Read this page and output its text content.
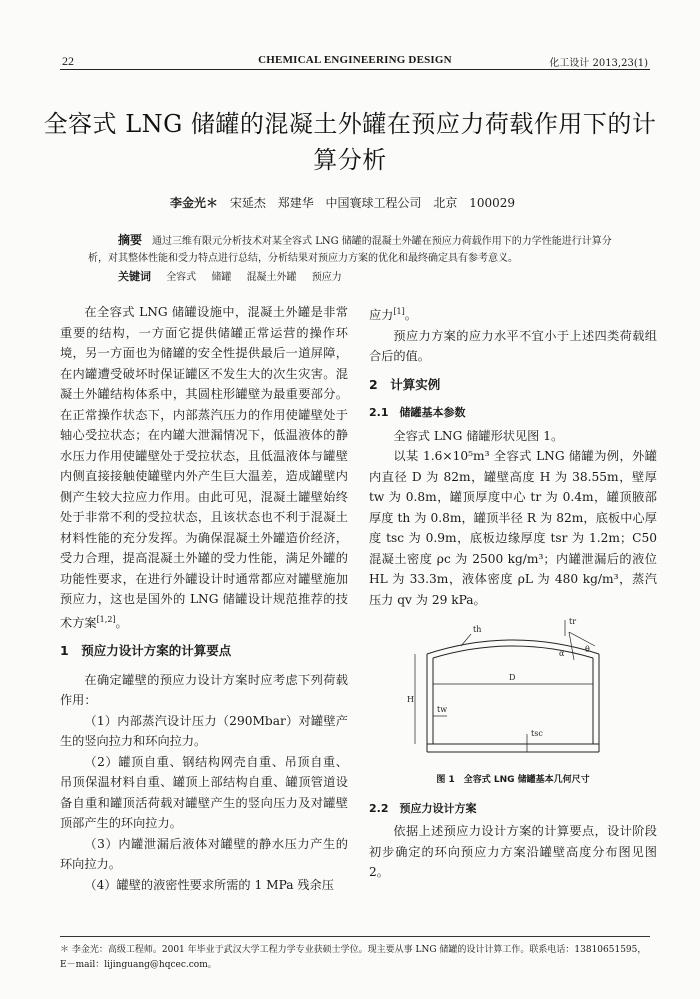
22	CHEMICAL ENGINEERING DESIGN	化工设计 2013,23(1)
全容式 LNG 储罐的混凝土外罐在预应力荷载作用下的计算分析
李金光＊ 宋延杰 郑建华 中国寰球工程公司 北京 100029
摘要 通过三维有限元分析技术对某全容式 LNG 储罐的混凝土外罐在预应力荷载作用下的力学性能进行计算分析，对其整体性能和受力特点进行总结，分析结果对预应力方案的优化和最终确定具有参考意义。
关键词 全容式 储罐 混凝土外罐 预应力

在全容式 LNG 储罐设施中，混凝土外罐是非常重要的结构，一方面它提供储罐正常运营的操作环境，另一方面也为储罐的安全性提供最后一道屏障，在内罐遭受破坏时保证罐区不发生大的次生灾害。混凝土外罐结构体系中，其圆柱形罐壁为最重要部分。在正常操作状态下，内部蒸汽压力的作用使罐壁处于轴心受拉状态；在内罐大泄漏情况下，低温液体的静水压力作用使罐壁处于受拉状态，且低温液体与罐壁内侧直接接触使罐壁内外产生巨大温差，造成罐壁内侧产生较大拉应力作用。由此可见，混凝土罐壁始终处于非常不利的受拉状态，且该状态也不利于混凝土材料性能的充分发挥。为确保混凝土外罐造价经济，受力合理，提高混凝土外罐的受力性能，满足外罐的功能性要求，在进行外罐设计时通常都应对罐壁施加预应力，这也是国外的 LNG 储罐设计规范推荐的技术方案[1,2]。

1　预应力设计方案的计算要点

在确定罐壁的预应力设计方案时应考虑下列荷载作用：

（1）内部蒸汽设计压力（290Mbar）对罐壁产生的竖向拉力和环向拉力。

（2）罐顶自重、钢结构网壳自重、吊顶自重、吊顶保温材料自重、罐顶上部结构自重、罐顶管道设备自重和罐顶活荷载对罐壁产生的竖向压力及对罐壁顶部产生的环向拉力。

（3）内罐泄漏后液体对罐壁的静水压力产生的环向拉力。

（4）罐壁的液密性要求所需的 1 MPa 残余压

应力[1]。

预应力方案的应力水平不宜小于上述四类荷载组合后的值。

2　计算实例
2.1　储罐基本参数

全容式 LNG 储罐形状见图 1。

以某 1.6×10⁵m³ 全容式 LNG 储罐为例，外罐内直径 D 为 82m，罐壁高度 H 为 38.55m，壁厚 tw 为 0.8m，罐顶厚度中心 tr 为 0.4m，罐顶腋部厚度 th 为 0.8m，罐顶半径 R 为 82m，底板中心厚度 tsc 为 0.9m，底板边缘厚度 tsr 为 1.2m；C50 混凝土密度 ρc 为 2500 kg/m³；内罐泄漏后的液位 HL 为 33.3m，液体密度 ρL 为 480 kg/m³，蒸汽压力 qv 为 29 kPa。

D
H
tw
tr
th
tsc
θ
α
图 1　全容式 LNG 储罐基本几何尺寸
2.2　预应力设计方案

依据上述预应力设计方案的计算要点，设计阶段初步确定的环向预应力方案沿罐壁高度分布图见图 2。

＊ 李金光：高级工程师。2001 年毕业于武汉大学工程力学专业获硕士学位。现主要从事 LNG 储罐的设计计算工作。联系电话：13810651595，E－mail：lijinguang@hqcec.com。
